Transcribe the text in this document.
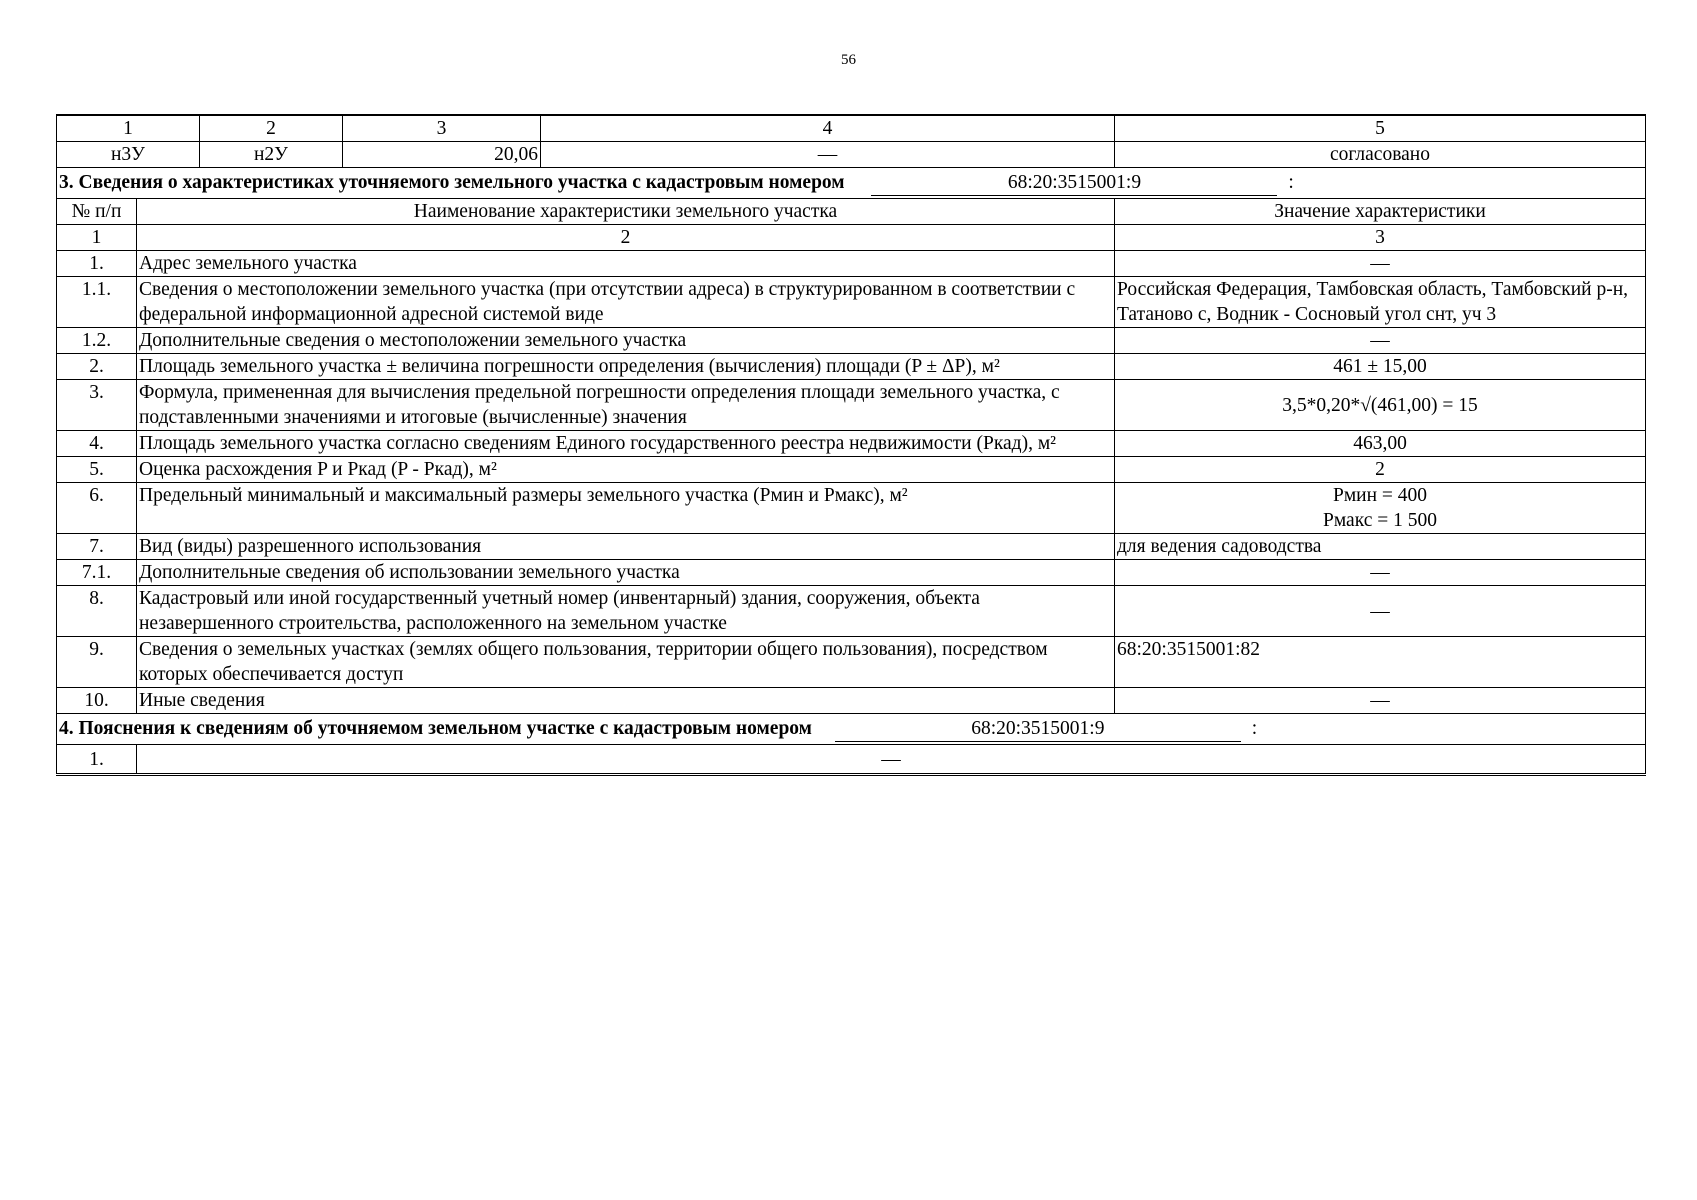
56
1		2	3	4	5
н3У		н2У	20,06	—	согласовано
3. Сведения о характеристиках уточняемого земельного участка с кадастровым номером 68:20:3515001:9 :					
№ п/п	Наименование характеристики земельного участка				Значение характеристики
1	2				3
1.	Адрес земельного участка				—
1.1.	Сведения о местоположении земельного участка (при отсутствии адреса) в структурированном в соответствии с федеральной информационной адресной системой виде				Российская Федерация, Тамбовская область, Тамбовский р-н, Татаново с, Водник - Сосновый угол снт, уч 3
1.2.	Дополнительные сведения о местоположении земельного участка				—
2.	Площадь земельного участка ± величина погрешности определения (вычисления) площади (P ± ΔP), м²				461 ± 15,00
3.	Формула, примененная для вычисления предельной погрешности определения площади земельного участка, с подставленными значениями и итоговые (вычисленные) значения				3,5*0,20*√(461,00) = 15
4.	Площадь земельного участка согласно сведениям Единого государственного реестра недвижимости (Ркад), м²				463,00
5.	Оценка расхождения P и Ркад (P - Ркад), м²				2
6.	Предельный минимальный и максимальный размеры земельного участка (Рмин и Рмакс), м²				Рмин = 400
Рмакс = 1 500

7.	Вид (виды) разрешенного использования				для ведения садоводства
7.1.	Дополнительные сведения об использовании земельного участка				—
8.	Кадастровый или иной государственный учетный номер (инвентарный) здания, сооружения, объекта незавершенного строительства, расположенного на земельном участке				—
9.	Сведения о земельных участках (землях общего пользования, территории общего пользования), посредством которых обеспечивается доступ				68:20:3515001:82
10.	Иные сведения				—
4. Пояснения к сведениям об уточняемом земельном участке с кадастровым номером 68:20:3515001:9 :					
1.	—				
